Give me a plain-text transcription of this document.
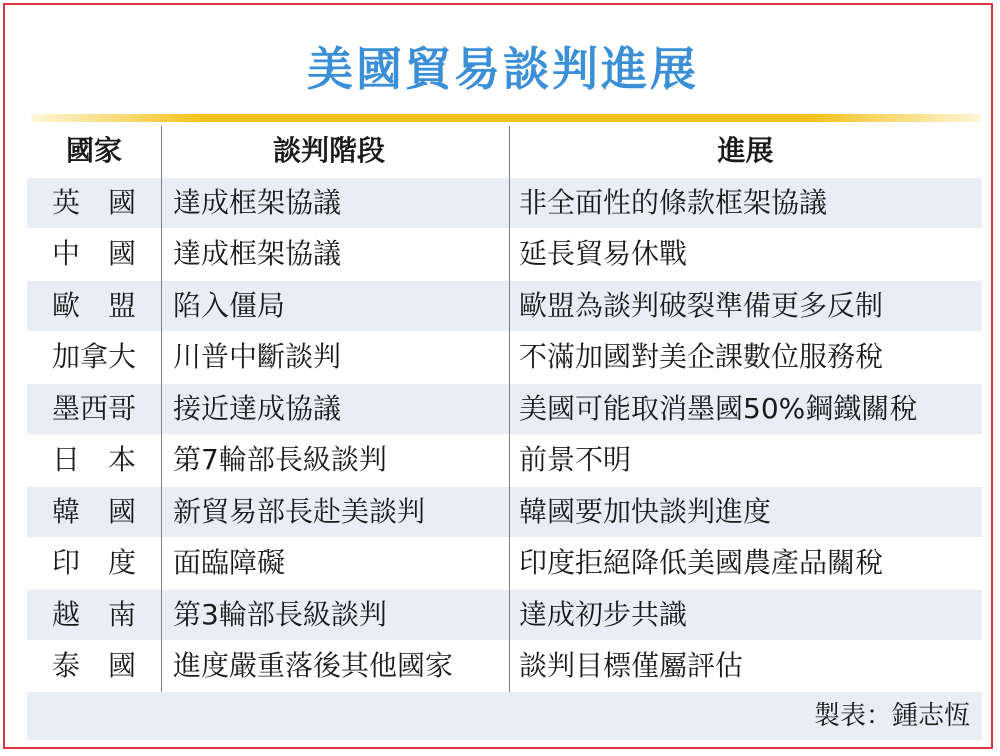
美國貿易談判進展
國家	談判階段	進展
英　國	達成框架協議	非全面性的條款框架協議
中　國	達成框架協議	延長貿易休戰
歐　盟	陷入僵局	歐盟為談判破裂準備更多反制
加拿大	川普中斷談判	不滿加國對美企課數位服務稅
墨西哥	接近達成協議	美國可能取消墨國50%鋼鐵關稅
日　本	第7輪部長級談判	前景不明
韓　國	新貿易部長赴美談判	韓國要加快談判進度
印　度	面臨障礙	印度拒絕降低美國農產品關稅
越　南	第3輪部長級談判	達成初步共識
泰　國	進度嚴重落後其他國家	談判目標僅屬評估
製表：鍾志恆
